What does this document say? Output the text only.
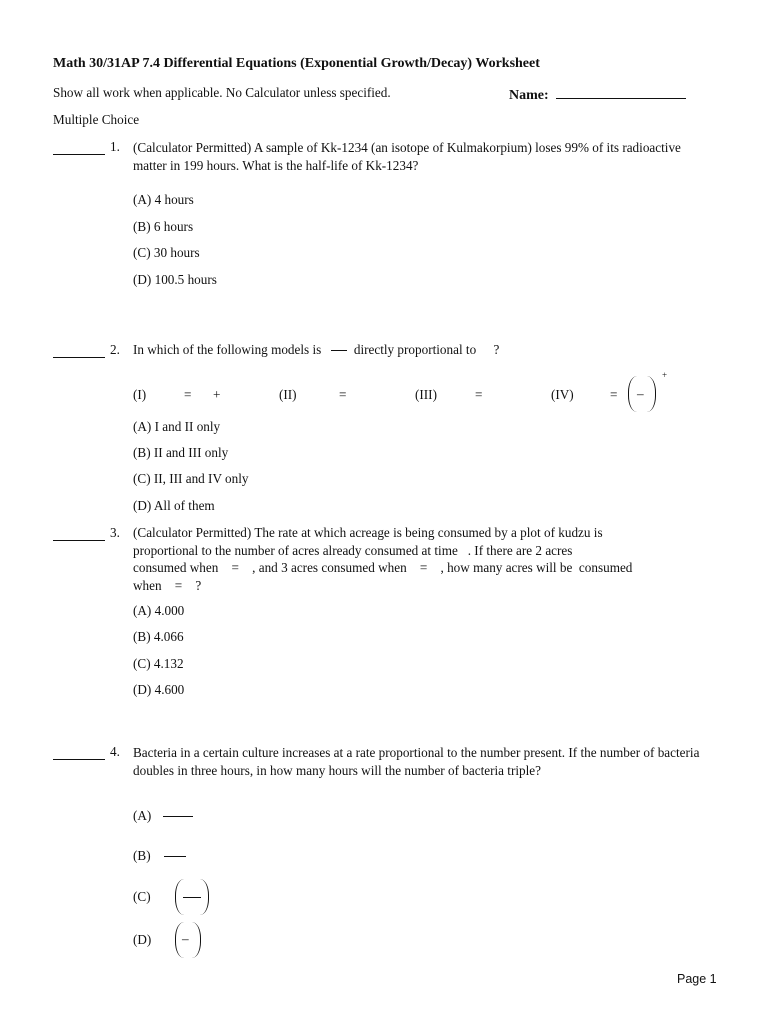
Math 30/31AP 7.4 Differential Equations (Exponential Growth/Decay) Worksheet
Show all work when applicable. No Calculator unless specified.	Name:
Multiple Choice
1. (Calculator Permitted) A sample of Kk-1234 (an isotope of Kulmakorpium) loses 99% of its radioactive matter in 199 hours. What is the half-life of Kk-1234?
(A) 4 hours
(B) 6 hours
(C) 30 hours
(D) 100.5 hours
2. In which of the following models is directly proportional to ?
(I)	= +	(II)	=	(III)	=	(IV)	= –
+
(A) I and II only
(B) II and III only
(C) II, III and IV only
(D) All of them
3. (Calculator Permitted) The rate at which acreage is being consumed by a plot of kudzu is
proportional to the number of acres already consumed at time   . If there are 2 acres
consumed when    =    , and 3 acres consumed when    =    , how many acres will be  consumed
when    =    ?
(A) 4.000
(B) 4.066
(C) 4.132
(D) 4.600
4. Bacteria in a certain culture increases at a rate proportional to the number present. If the number of bacteria doubles in three hours, in how many hours will the number of bacteria triple?
(A)
(B)
(C)
(D) –
Page 1
